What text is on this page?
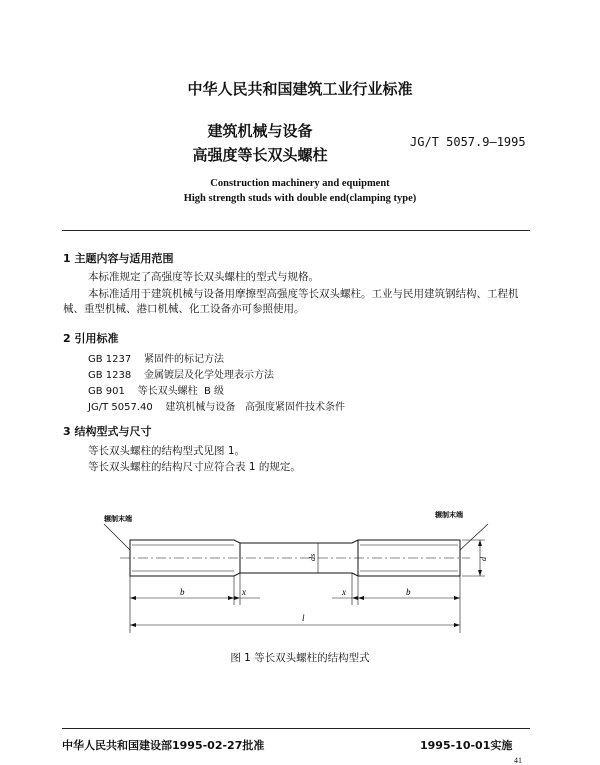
中华人民共和国建筑工业行业标准
建筑机械与设备
高强度等长双头螺柱
JG/T 5057.9—1995
Construction machinery and equipment
High strength studs with double end(clamping type)
1 主题内容与适用范围
本标准规定了高强度等长双头螺柱的型式与规格。
本标准适用于建筑机械与设备用摩擦型高强度等长双头螺柱。工业与民用建筑钢结构、工程机械、重型机械、港口机械、化工设备亦可参照使用。
2 引用标准
GB 1237    紧固件的标记方法
GB 1238    金属镀层及化学处理表示方法
GB 901    等长双头螺柱  B 级
JG/T 5057.40    建筑机械与设备   高强度紧固件技术条件
3 结构型式与尺寸
等长双头螺柱的结构型式见图 1。
等长双头螺柱的结构尺寸应符合表 1 的规定。
辗制末端	辗制末端
b	x	x	b
l
ds	d
图 1 等长双头螺柱的结构型式
中华人民共和国建设部1995-02-27批准	1995-10-01实施
41
